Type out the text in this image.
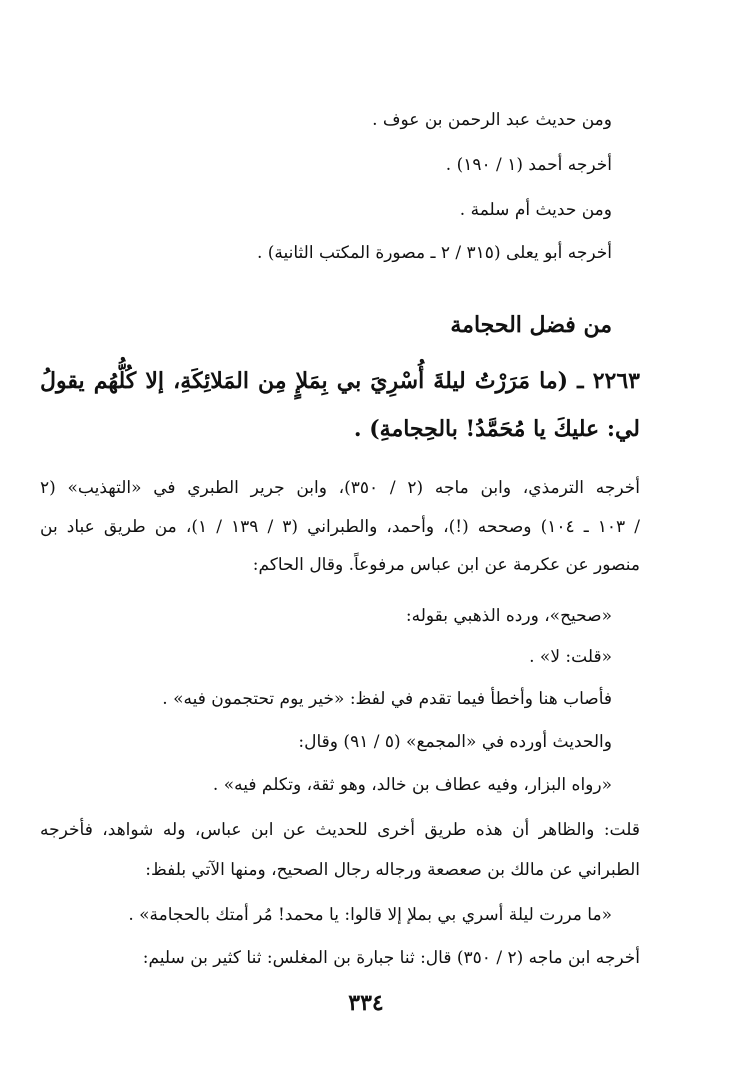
ومن حديث عبد الرحمن بن عوف .
أخرجه أحمد (١ / ١٩٠) .
ومن حديث أم سلمة .
أخرجه أبو يعلى (٣١٥ / ٢ ـ مصورة المكتب الثانية) .
من فضل الحجامة
٢٢٦٣ ـ (ما مَرَرْتُ ليلةَ أُسْرِيَ بي بِمَلإٍ مِن المَلائِكَةِ، إلا كُلُّهُم يقولُ
لي: عليكَ يا مُحَمَّدُ! بالحِجامةِ) .
أخرجه الترمذي، وابن ماجه (٢ / ٣٥٠)، وابن جرير الطبري في «التهذيب» (٢
/ ١٠٣ ـ ١٠٤) وصححه (!)، وأحمد، والطبراني (٣ / ١٣٩ / ١)، من طريق عباد بن
منصور عن عكرمة عن ابن عباس مرفوعاً. وقال الحاكم:
«صحيح»، ورده الذهبي بقوله:
«قلت: لا» .
فأصاب هنا وأخطأ فيما تقدم في لفظ: «خير يوم تحتجمون فيه» .
والحديث أورده في «المجمع» (٥ / ٩١) وقال:
«رواه البزار، وفيه عطاف بن خالد، وهو ثقة، وتكلم فيه» .
قلت: والظاهر أن هذه طريق أخرى للحديث عن ابن عباس، وله شواهد، فأخرجه
الطبراني عن مالك بن صعصعة ورجاله رجال الصحيح، ومنها الآتي بلفظ:
«ما مررت ليلة أسري بي بملإ إلا قالوا: يا محمد! مُر أمتك بالحجامة» .
أخرجه ابن ماجه (٢ / ٣٥٠) قال: ثنا جبارة بن المغلس: ثنا كثير بن سليم:
٣٣٤
